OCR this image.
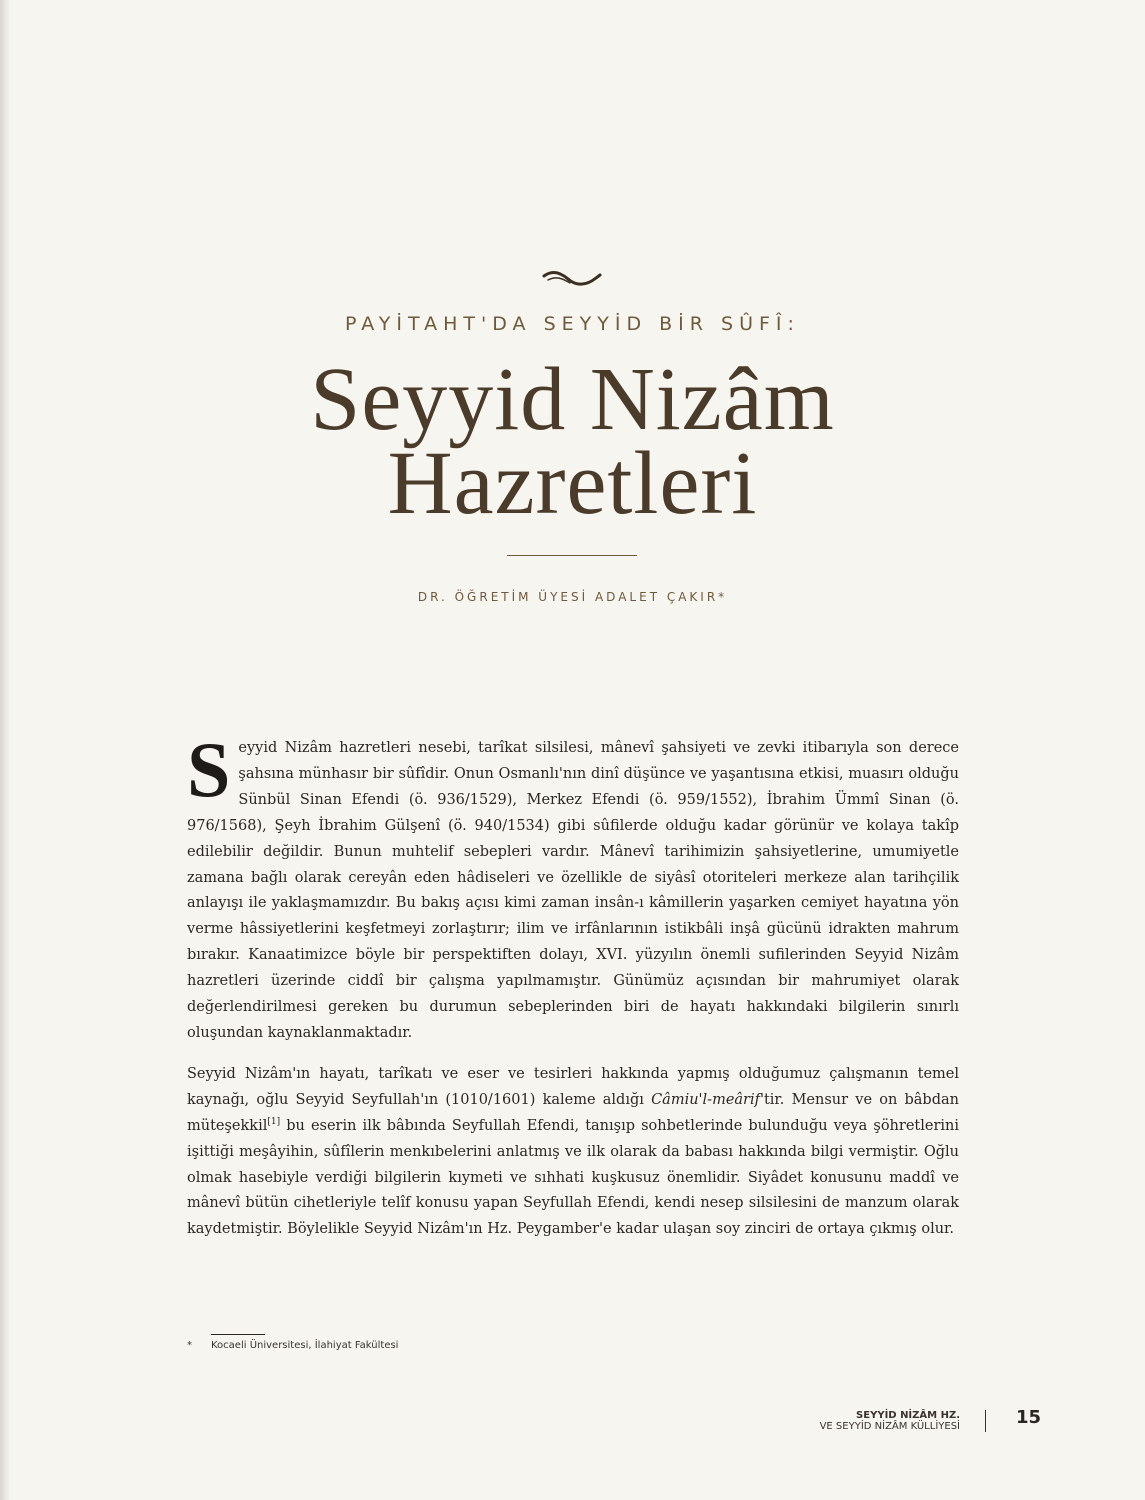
PAYİTAHT'DA SEYYİD BİR SÛFÎ:
Seyyid Nizâm
Hazretleri
DR. ÖĞRETİM ÜYESİ ADALET ÇAKIR*

Seyyid Nizâm hazretleri nesebi, tarîkat silsilesi, mânevî şahsiyeti ve zevki itibarıyla son derece şahsına münhasır bir sûfîdir. Onun Osmanlı'nın dinî düşünce ve yaşantısına etkisi, muasırı olduğu Sünbül Sinan Efendi (ö. 936/1529), Merkez Efendi (ö. 959/1552), İbrahim Ümmî Sinan (ö. 976/1568), Şeyh İbrahim Gülşenî (ö. 940/1534) gibi sûfilerde olduğu kadar görünür ve kolaya takîp edilebilir değildir. Bunun muhtelif sebepleri vardır. Mânevî tarihimizin şahsiyetlerine, umumiyetle zamana bağlı olarak cereyân eden hâdiseleri ve özellikle de siyâsî otoriteleri merkeze alan tarihçilik anlayışı ile yaklaşmamızdır. Bu bakış açısı kimi zaman insân-ı kâmillerin yaşarken cemiyet hayatına yön verme hâssiyetlerini keşfetmeyi zorlaştırır; ilim ve irfânlarının istikbâli inşâ gücünü idrakten mahrum bırakır. Kanaatimizce böyle bir perspektiften dolayı, XVI. yüzyılın önemli sufilerinden Seyyid Nizâm hazretleri üzerinde ciddî bir çalışma yapılmamıştır. Günümüz açısından bir mahrumiyet olarak değerlendirilmesi gereken bu durumun sebeplerinden biri de hayatı hakkındaki bilgilerin sınırlı oluşundan kaynaklanmaktadır.

Seyyid Nizâm'ın hayatı, tarîkatı ve eser ve tesirleri hakkında yapmış olduğumuz çalışmanın temel kaynağı, oğlu Seyyid Seyfullah'ın (1010/1601) kaleme aldığı Câmiu'l-meârif'tir. Mensur ve on bâbdan müteşekkil[1] bu eserin ilk bâbında Seyfullah Efendi, tanışıp sohbetlerinde bulunduğu veya şöhretlerini işittiği meşâyihin, sûfîlerin menkıbelerini anlatmış ve ilk olarak da babası hakkında bilgi vermiştir. Oğlu olmak hasebiyle verdiği bilgilerin kıymeti ve sıhhati kuşkusuz önemlidir. Siyâdet konusunu maddî ve mânevî bütün cihetleriyle telîf konusu yapan Seyfullah Efendi, kendi nesep silsilesini de manzum olarak kaydetmiştir. Böylelikle Seyyid Nizâm'ın Hz. Peygamber'e kadar ulaşan soy zinciri de ortaya çıkmış olur.

* Kocaeli Üniversitesi, İlahiyat Fakültesi
SEYYİD NİZÂM HZ.
VE SEYYİD NİZÂM KÜLLİYESİ	15
